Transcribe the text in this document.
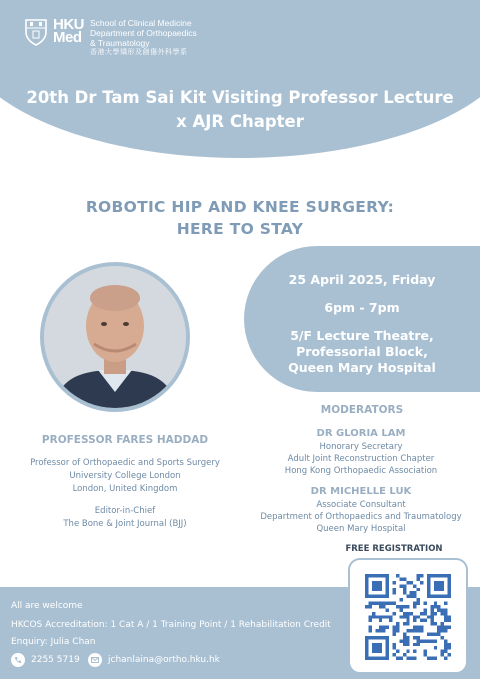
HKU
Med
School of Clinical Medicine
Department of Orthopaedics
& Traumatology
香港大學矯形及創傷外科學系
20th Dr Tam Sai Kit Visiting Professor Lecture
x AJR Chapter
ROBOTIC HIP AND KNEE SURGERY:
HERE TO STAY
25 April 2025, Friday
6pm - 7pm
5/F Lecture Theatre,
Professorial Block,
Queen Mary Hospital
PROFESSOR FARES HADDAD
Professor of Orthopaedic and Sports Surgery
University College London
London, United Kingdom
Editor-in-Chief
The Bone & Joint Journal (BJJ)
MODERATORS
DR GLORIA LAM
Honorary Secretary
Adult Joint Reconstruction Chapter
Hong Kong Orthopaedic Association
DR MICHELLE LUK
Associate Consultant
Department of Orthopaedics and Traumatology
Queen Mary Hospital
FREE REGISTRATION
All are welcome
HKCOS Accreditation: 1 Cat A / 1 Training Point / 1 Rehabilitation Credit
Enquiry: Julia Chan
2255 5719	jchanlaina@ortho.hku.hk
